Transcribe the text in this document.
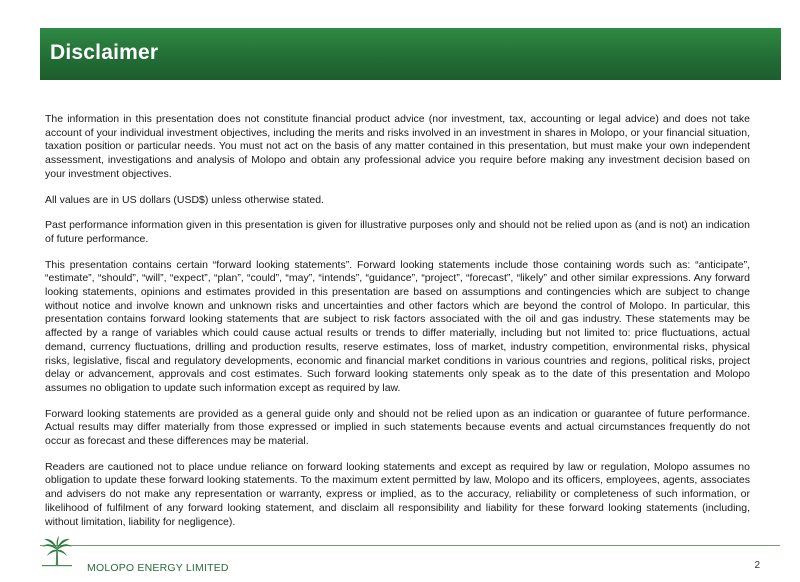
Disclaimer

The information in this presentation does not constitute financial product advice (nor investment, tax, accounting or legal advice) and does not take account of your individual investment objectives, including the merits and risks involved in an investment in shares in Molopo, or your financial situation, taxation position or particular needs. You must not act on the basis of any matter contained in this presentation, but must make your own independent assessment, investigations and analysis of Molopo and obtain any professional advice you require before making any investment decision based on your investment objectives.

All values are in US dollars (USD$) unless otherwise stated.

Past performance information given in this presentation is given for illustrative purposes only and should not be relied upon as (and is not) an indication of future performance.

This presentation contains certain “forward looking statements”. Forward looking statements include those containing words such as: “anticipate”, “estimate”, “should”, “will”, “expect”, “plan”, “could”, “may”, “intends”, “guidance”, “project”, “forecast”, “likely” and other similar expressions. Any forward looking statements, opinions and estimates provided in this presentation are based on assumptions and contingencies which are subject to change without notice and involve known and unknown risks and uncertainties and other factors which are beyond the control of Molopo. In particular, this presentation contains forward looking statements that are subject to risk factors associated with the oil and gas industry. These statements may be affected by a range of variables which could cause actual results or trends to differ materially, including but not limited to: price fluctuations, actual demand, currency fluctuations, drilling and production results, reserve estimates, loss of market, industry competition, environmental risks, physical risks, legislative, fiscal and regulatory developments, economic and financial market conditions in various countries and regions, political risks, project delay or advancement, approvals and cost estimates. Such forward looking statements only speak as to the date of this presentation and Molopo assumes no obligation to update such information except as required by law.

Forward looking statements are provided as a general guide only and should not be relied upon as an indication or guarantee of future performance. Actual results may differ materially from those expressed or implied in such statements because events and actual circumstances frequently do not occur as forecast and these differences may be material.

Readers are cautioned not to place undue reliance on forward looking statements and except as required by law or regulation, Molopo assumes no obligation to update these forward looking statements. To the maximum extent permitted by law, Molopo and its officers, employees, agents, associates and advisers do not make any representation or warranty, express or implied, as to the accuracy, reliability or completeness of such information, or likelihood of fulfilment of any forward looking statement, and disclaim all responsibility and liability for these forward looking statements (including, without limitation, liability for negligence).

MOLOPO ENERGY LIMITED	2
